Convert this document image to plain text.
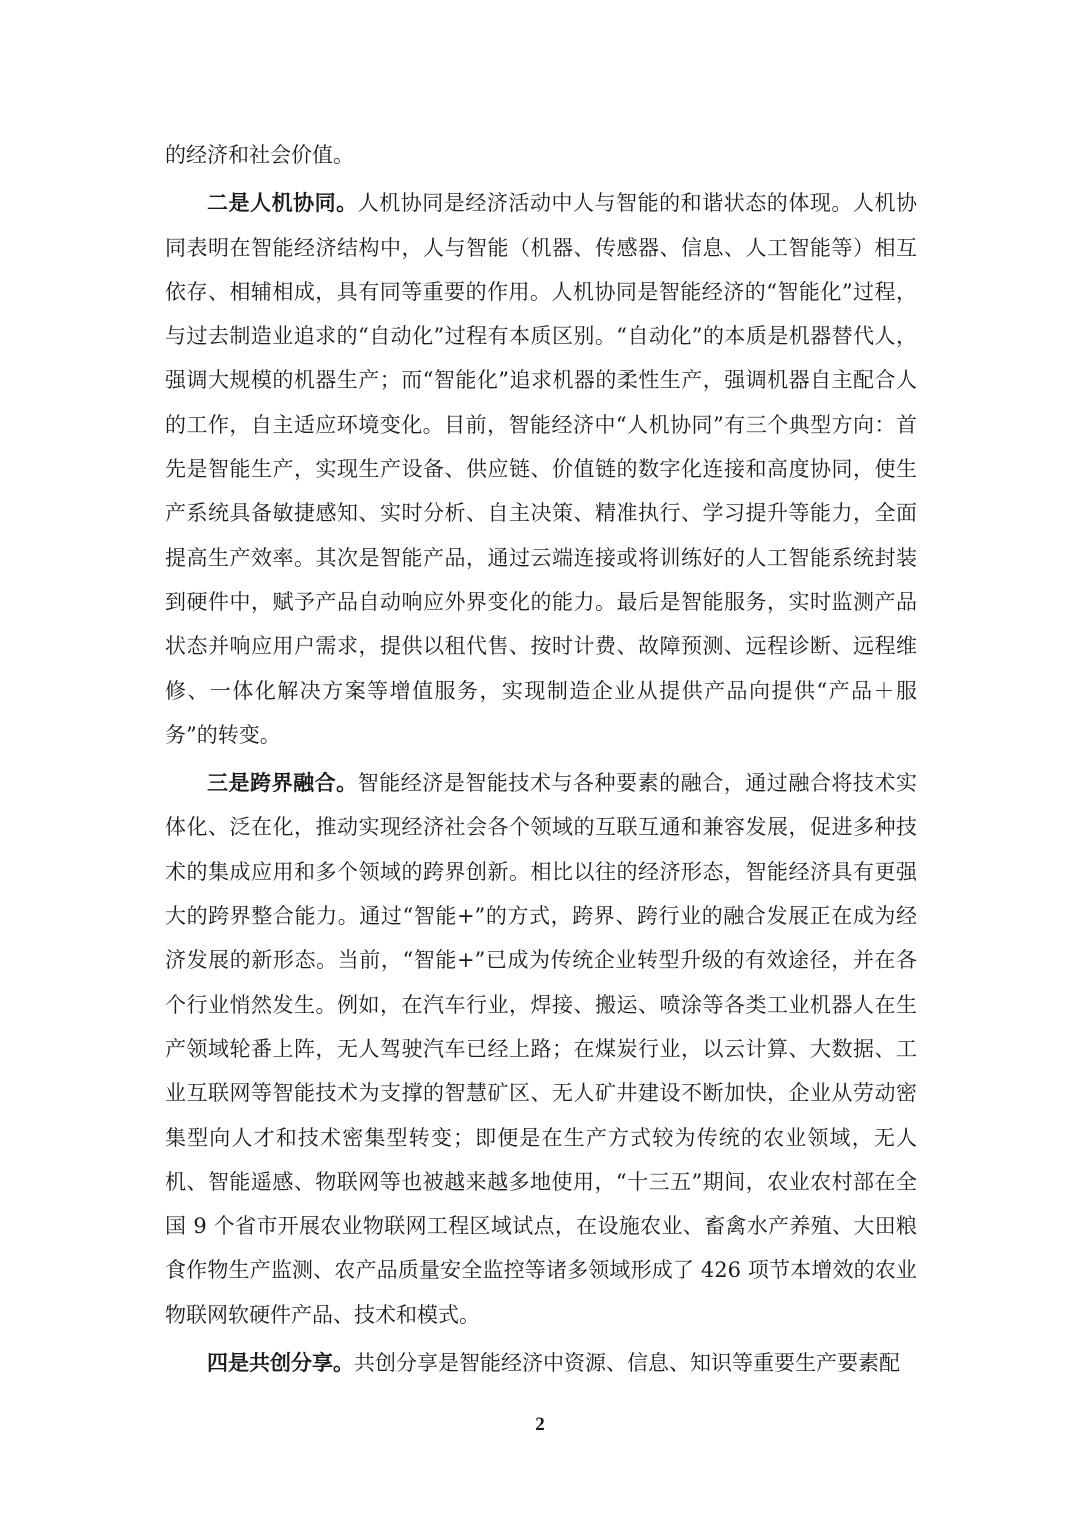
的经济和社会价值。

二是人机协同。人机协同是经济活动中人与智能的和谐状态的体现。人机协同表明在智能经济结构中，人与智能（机器、传感器、信息、人工智能等）相互依存、相辅相成，具有同等重要的作用。人机协同是智能经济的“智能化”过程，与过去制造业追求的“自动化”过程有本质区别。“自动化”的本质是机器替代人，强调大规模的机器生产；而“智能化”追求机器的柔性生产，强调机器自主配合人的工作，自主适应环境变化。目前，智能经济中“人机协同”有三个典型方向：首先是智能生产，实现生产设备、供应链、价值链的数字化连接和高度协同，使生产系统具备敏捷感知、实时分析、自主决策、精准执行、学习提升等能力，全面提高生产效率。其次是智能产品，通过云端连接或将训练好的人工智能系统封装到硬件中，赋予产品自动响应外界变化的能力。最后是智能服务，实时监测产品状态并响应用户需求，提供以租代售、按时计费、故障预测、远程诊断、远程维修、一体化解决方案等增值服务，实现制造企业从提供产品向提供“产品＋服务”的转变。

三是跨界融合。智能经济是智能技术与各种要素的融合，通过融合将技术实体化、泛在化，推动实现经济社会各个领域的互联互通和兼容发展，促进多种技术的集成应用和多个领域的跨界创新。相比以往的经济形态，智能经济具有更强大的跨界整合能力。通过“智能+”的方式，跨界、跨行业的融合发展正在成为经济发展的新形态。当前，“智能+”已成为传统企业转型升级的有效途径，并在各个行业悄然发生。例如，在汽车行业，焊接、搬运、喷涂等各类工业机器人在生产领域轮番上阵，无人驾驶汽车已经上路；在煤炭行业，以云计算、大数据、工业互联网等智能技术为支撑的智慧矿区、无人矿井建设不断加快，企业从劳动密集型向人才和技术密集型转变；即便是在生产方式较为传统的农业领域，无人机、智能遥感、物联网等也被越来越多地使用，“十三五”期间，农业农村部在全国 9 个省市开展农业物联网工程区域试点，在设施农业、畜禽水产养殖、大田粮食作物生产监测、农产品质量安全监控等诸多领域形成了 426 项节本增效的农业物联网软硬件产品、技术和模式。

四是共创分享。共创分享是智能经济中资源、信息、知识等重要生产要素配

2
